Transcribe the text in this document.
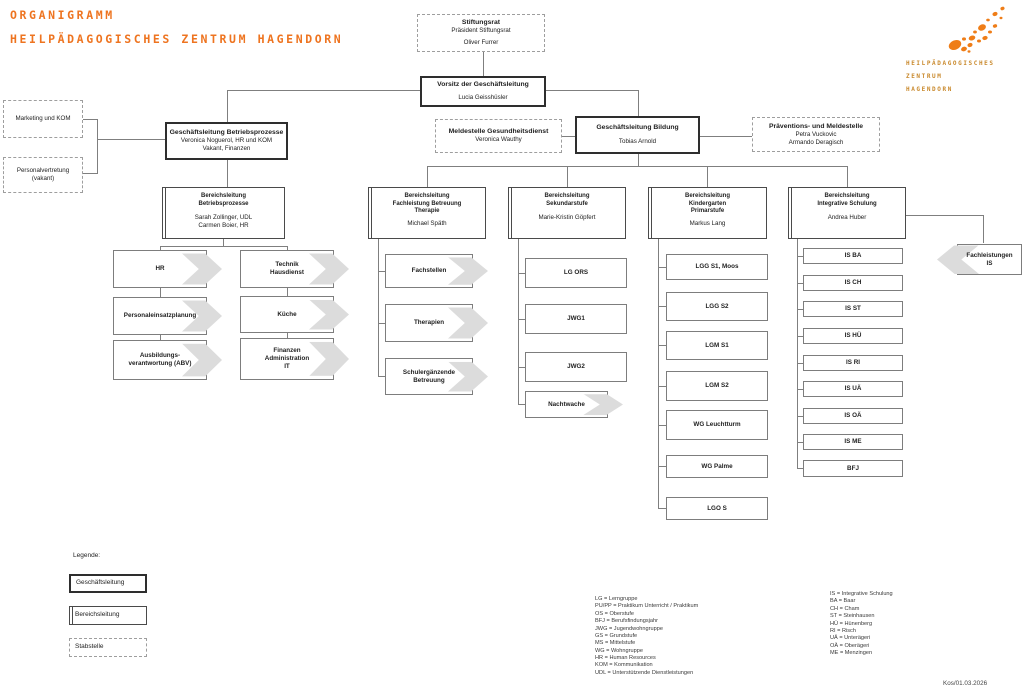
ORGANIGRAMM
HEILPÄDAGOGISCHES ZENTRUM HAGENDORN
HEILPÄDAGOGISCHES
ZENTRUM
HAGENDORN
Stiftungsrat
Präsident Stiftungsrat
Oliver Furrer
Vorsitz der Geschäftsleitung
Lucia Geisshüsler
Marketing und KOM
Personalvertretung
(vakant)
Geschäftsleitung Betriebsprozesse
Veronica Noguerol, HR und KOM
Vakant, Finanzen
Meldestelle Gesundheitsdienst
Veronica Wauthy
Geschäftsleitung Bildung
Tobias Arnold
Präventions- und Meldestelle
Petra Vuckovic
Armando Deragisch
Bereichsleitung
Betriebsprozesse
Sarah Zollinger, UDL
Carmen Boier, HR
Bereichsleitung
Fachleistung Betreuung
Therapie
Michael Späth
Bereichsleitung
Sekundarstufe
Marie-Kristin Göpfert
Bereichsleitung
Kindergarten
Primarstufe
Markus Lang
Bereichsleitung
Integrative Schulung
Andrea Huber
HR
Personaleinsatzplanung
Ausbildungs-
verantwortung (ABV)
Technik
Hausdienst
Küche
Finanzen
Administration
IT
Fachstellen
Therapien
Schulergänzende
Betreuung
LG ORS
JWG1
JWG2
Nachtwache
LGG S1, Moos
LGG S2
LGM S1
LGM S2
WG Leuchtturm
WG Palme
LGO S
IS BA
IS CH
IS ST
IS HÜ
IS RI
IS UÄ
IS OÄ
IS ME
BFJ
Fachleistungen
IS
Legende:
Geschäftsleitung
Bereichsleitung
Stabstelle
LG = Lerngruppe
PU/PP = Praktikum Unterricht / Praktikum
OS = Oberstufe
BFJ = Berufsfindungsjahr
JWG = Jugendwohngruppe
GS = Grundstufe
MS = Mittelstufe
WG = Wohngruppe
HR = Human Resources
KOM = Kommunikation
UDL = Unterstützende Dienstleistungen
IS = Integrative Schulung
BA = Baar
CH = Cham
ST = Steinhausen
HÜ = Hünenberg
RI = Risch
UÄ = Unterägeri
OÄ = Oberägeri
ME = Menzingen
Kos/01.03.2026
